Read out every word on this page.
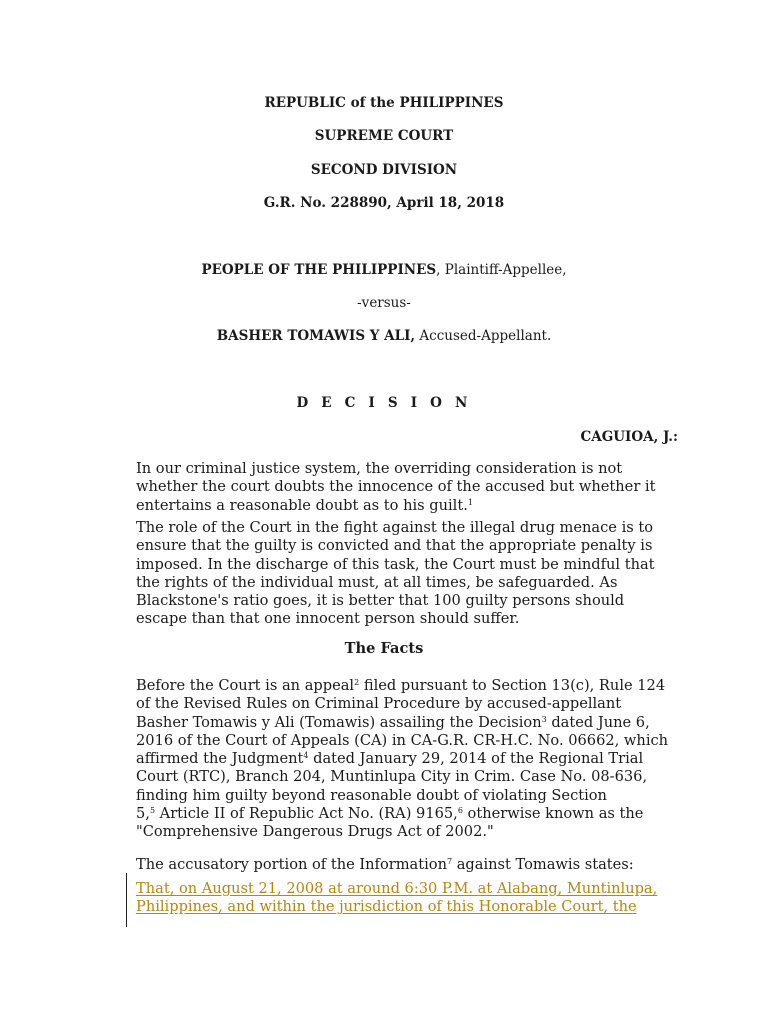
REPUBLIC of the PHILIPPINES
SUPREME COURT
SECOND DIVISION
G.R. No. 228890, April 18, 2018
PEOPLE OF THE PHILIPPINES, Plaintiff-Appellee,
-versus-
BASHER TOMAWIS Y ALI, Accused-Appellant.
D E C I S I O N
CAGUIOA, J.:
In our criminal justice system, the overriding consideration is not
whether the court doubts the innocence of the accused but whether it
entertains a reasonable doubt as to his guilt.$^1$
The role of the Court in the fight against the illegal drug menace is to
ensure that the guilty is convicted and that the appropriate penalty is
imposed. In the discharge of this task, the Court must be mindful that
the rights of the individual must, at all times, be safeguarded. As
Blackstone's ratio goes, it is better that 100 guilty persons should
escape than that one innocent person should suffer.
The Facts
Before the Court is an appeal$^2$ filed pursuant to Section 13(c), Rule 124
of the Revised Rules on Criminal Procedure by accused-appellant
Basher Tomawis y Ali (Tomawis) assailing the Decision$^3$ dated June 6,
2016 of the Court of Appeals (CA) in CA-G.R. CR-H.C. No. 06662, which
affirmed the Judgment$^4$ dated January 29, 2014 of the Regional Trial
Court (RTC), Branch 204, Muntinlupa City in Crim. Case No. 08-636,
finding him guilty beyond reasonable doubt of violating Section
5,$^5$ Article II of Republic Act No. (RA) 9165,$^6$ otherwise known as the
"Comprehensive Dangerous Drugs Act of 2002."
The accusatory portion of the Information$^7$ against Tomawis states:
That, on August 21, 2008 at around 6:30 P.M. at Alabang, Muntinlupa,
Philippines, and within the jurisdiction of this Honorable Court, the
